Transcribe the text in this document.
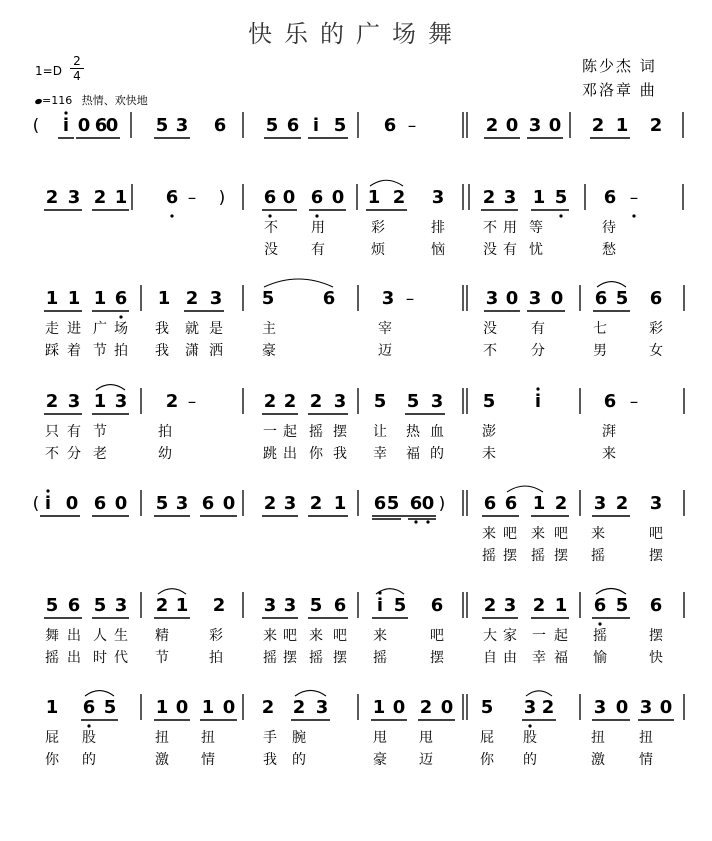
快乐的广场舞
陈少杰 词
邓洛章 曲
$1=D \frac{2}{4}$
=116 热情、欢快地
(	i 0 6
0 5 3 6 5 6 i 5 6 –	2 0 3 0 2 1 2
2 3 2 1 6 –	)	6 0 6 0 1 2 3 2 3 1 5 6 –
不 用	彩	排	不 用 等	待
没 有	烦	恼	没 有 忧	愁
1 1 1 6 1 2 3 5	6	3 –	3 0 3 0 6 5 6
走 进 广 场 我 就 是	主	宰	没 有	七	彩
踩 着 节 拍 我 潇 洒	豪	迈	不 分	男	女
2 3 1 3 2 –	2 2 2 3 5 5 3 5	i	6 –
只 有 节	拍	一 起 摇 摆 让 热 血	澎	湃
不 分 老	幼	跳 出 你 我 幸 福 的	未	来
( i 0 6 0 5 3 6 0 2 3 2 1 6 5 6 0 )	6 6 1 2 3 2 3
来 吧 来 吧 来	吧
摇 摆 摇 摆 摇	摆
5 6 5 3 2 1 2 3 3 5 6	i 5 6 2 3 2 1 6 5 6
舞 出 人 生 精	彩	来 吧 来 吧 来	吧	大 家 一 起 摇	摆
摇 出 时 代 节	拍	摇 摆 摇 摆 摇	摆	自 由 幸 福 愉	快
1 6 5 1 0 1 0 2 2 3 1 0 2 0 5 3 2 3 0 3 0
屁 股	扭 扭	手 腕	甩 甩	屁 股	扭 扭
你 的	激 情	我 的	豪 迈	你 的	激 情
